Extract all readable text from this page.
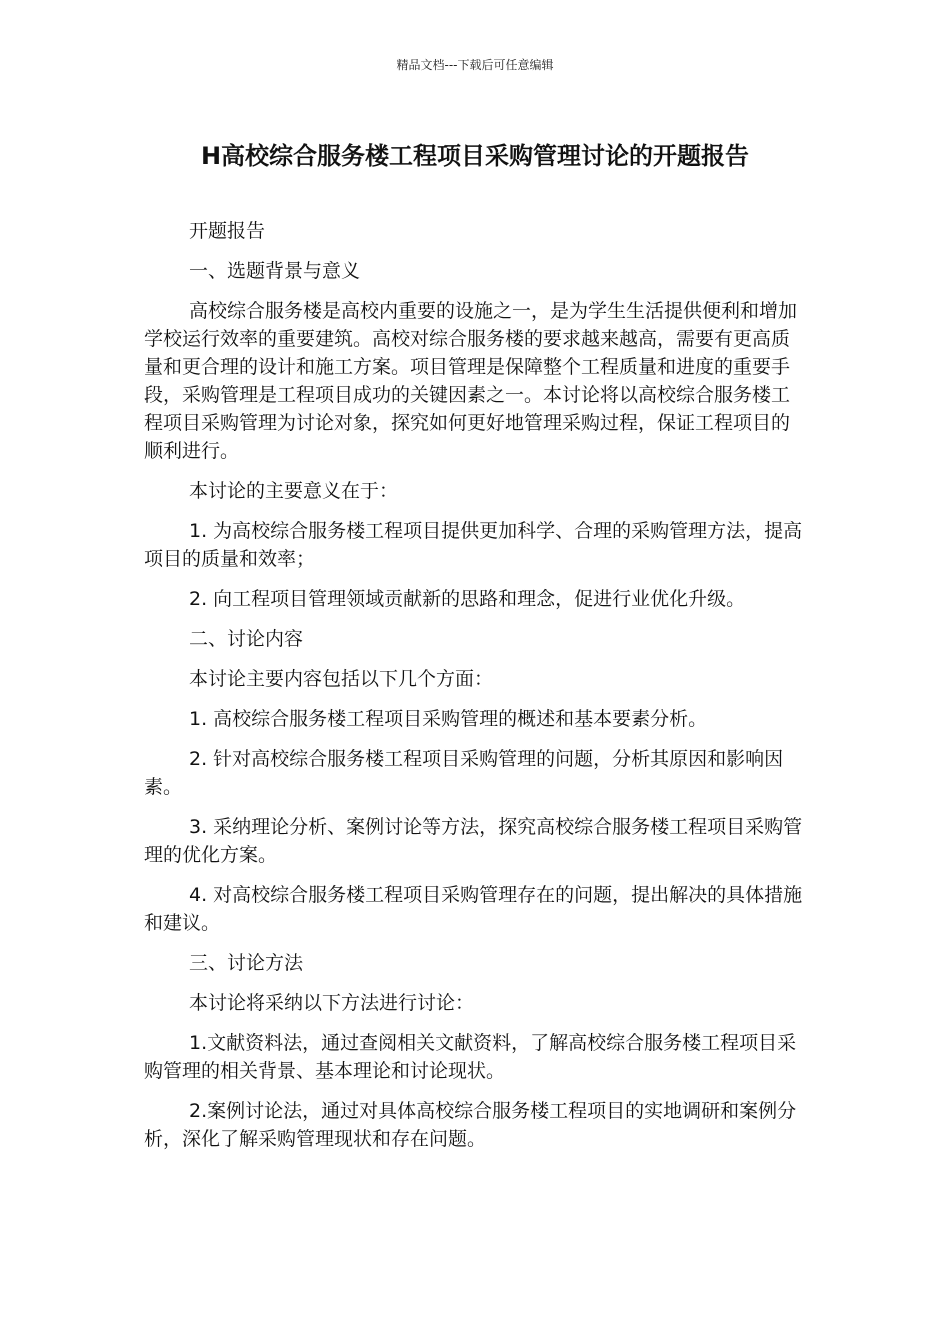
精品文档---下载后可任意编辑
H高校综合服务楼工程项目采购管理讨论的开题报告

开题报告

一、选题背景与意义

高校综合服务楼是高校内重要的设施之一，是为学生生活提供便利和增加学校运行效率的重要建筑。高校对综合服务楼的要求越来越高，需要有更高质量和更合理的设计和施工方案。项目管理是保障整个工程质量和进度的重要手段，采购管理是工程项目成功的关键因素之一。本讨论将以高校综合服务楼工程项目采购管理为讨论对象，探究如何更好地管理采购过程，保证工程项目的顺利进行。

本讨论的主要意义在于：

1. 为高校综合服务楼工程项目提供更加科学、合理的采购管理方法，提高项目的质量和效率；

2. 向工程项目管理领域贡献新的思路和理念，促进行业优化升级。

二、讨论内容

本讨论主要内容包括以下几个方面：

1. 高校综合服务楼工程项目采购管理的概述和基本要素分析。

2. 针对高校综合服务楼工程项目采购管理的问题，分析其原因和影响因素。

3. 采纳理论分析、案例讨论等方法，探究高校综合服务楼工程项目采购管理的优化方案。

4. 对高校综合服务楼工程项目采购管理存在的问题，提出解决的具体措施和建议。

三、讨论方法

本讨论将采纳以下方法进行讨论：

1.文献资料法，通过查阅相关文献资料，了解高校综合服务楼工程项目采购管理的相关背景、基本理论和讨论现状。

2.案例讨论法，通过对具体高校综合服务楼工程项目的实地调研和案例分析，深化了解采购管理现状和存在问题。
